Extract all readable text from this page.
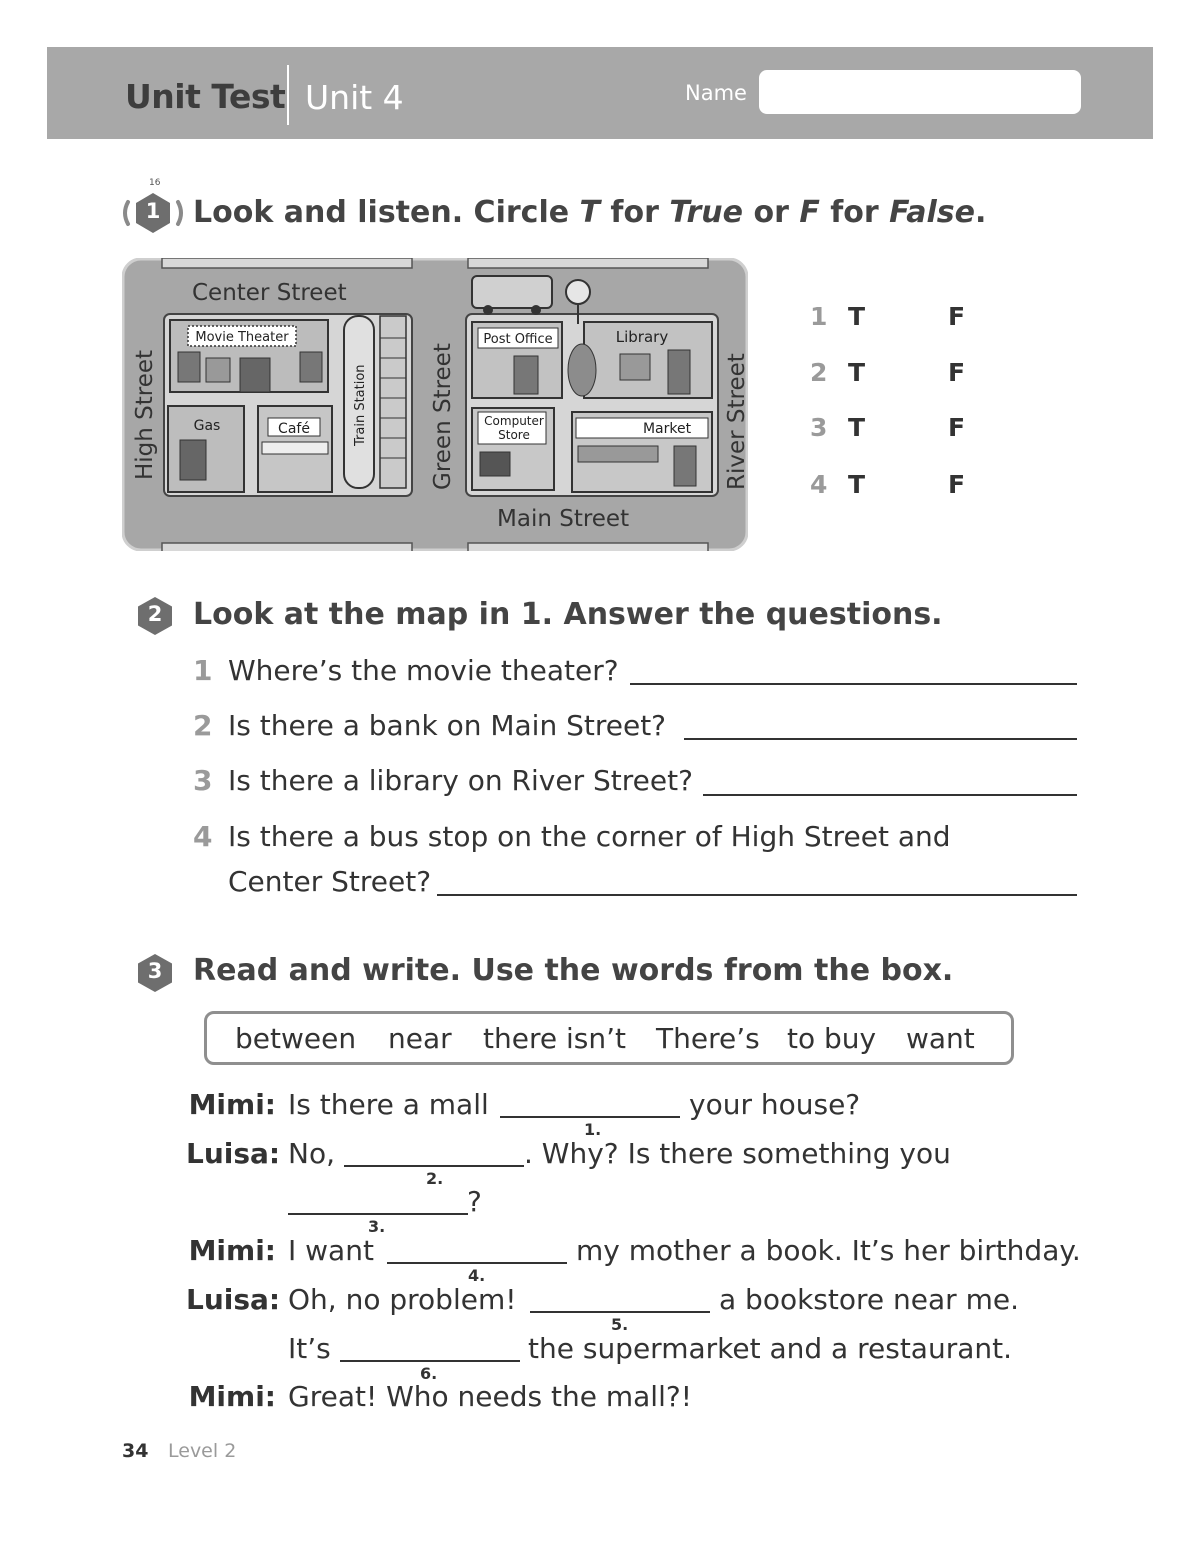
Unit Test Unit 4	Name
1
16
Look and listen. Circle T for True or F for False.
Movie Theater
Train Station
Gas	Café
Center Street
High Street	Green Street
Post Office	Library
Computer
Store	Market
Main Street
River Street
1 T	F
2 T	F
3 T	F
4 T	F
2	Look at the map in 1. Answer the questions.
1 Where’s the movie theater?
2 Is there a bank on Main Street?
3 Is there a library on River Street?
4 Is there a bus stop on the corner of High Street and
Center Street?
3	Read and write. Use the words from the box.
between near there isn’t There’s to buy want
Mimi: Is there a mall
1.
your house?
Luisa: No,
2.
. Why? Is there something you
3.
?
Mimi: I want
4.
my mother a book. It’s her birthday.
Luisa: Oh, no problem!
5.
a bookstore near me.
It’s
6.
the supermarket and a restaurant.
Mimi: Great! Who needs the mall?!
34 Level 2
